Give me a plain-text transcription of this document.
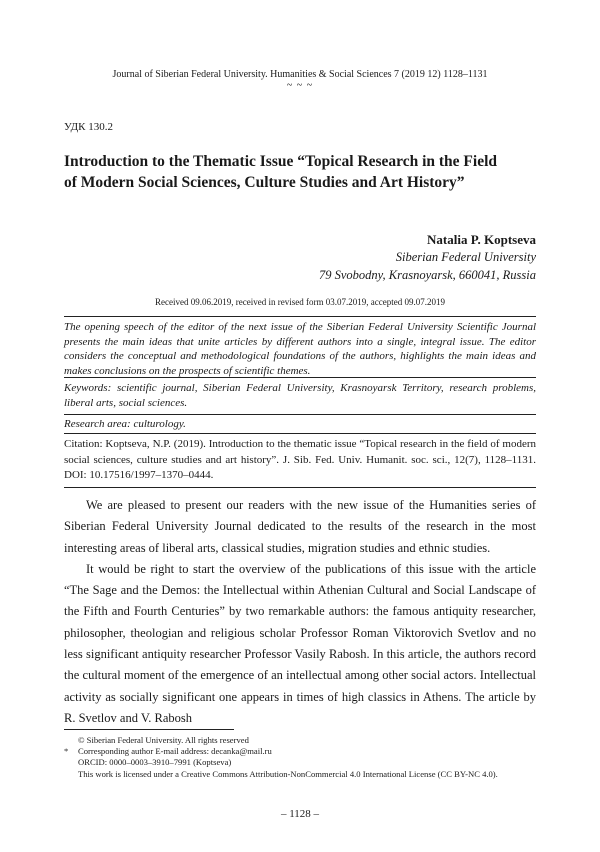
Journal of Siberian Federal University. Humanities & Social Sciences 7 (2019 12) 1128–1131
~ ~ ~
УДК 130.2
Introduction to the Thematic Issue “Topical Research in the Field of Modern Social Sciences, Culture Studies and Art History”
Natalia P. Koptseva
Siberian Federal University
79 Svobodny, Krasnoyarsk, 660041, Russia
Received 09.06.2019, received in revised form 03.07.2019, accepted 09.07.2019
The opening speech of the editor of the next issue of the Siberian Federal University Scientific Journal presents the main ideas that unite articles by different authors into a single, integral issue. The editor considers the conceptual and methodological foundations of the authors, highlights the main ideas and makes conclusions on the prospects of scientific themes.
Keywords: scientific journal, Siberian Federal University, Krasnoyarsk Territory, research problems, liberal arts, social sciences.
Research area: culturology.
Citation: Koptseva, N.P. (2019). Introduction to the thematic issue “Topical research in the field of modern social sciences, culture studies and art history”. J. Sib. Fed. Univ. Humanit. soc. sci., 12(7), 1128–1131. DOI: 10.17516/1997–1370–0444.

We are pleased to present our readers with the new issue of the Humanities series of Siberian Federal University Journal dedicated to the results of the research in the most interesting areas of liberal arts, classical studies, migration studies and ethnic studies.

It would be right to start the overview of the publications of this issue with the article “The Sage and the Demos: the Intellectual within Athenian Cultural and Social Landscape of the Fifth and Fourth Centuries” by two remarkable authors: the famous antiquity researcher, philosopher, theologian and religious scholar Professor Roman Viktorovich Svetlov and no less significant antiquity researcher Professor Vasily Rabosh. In this article, the authors record the cultural moment of the emergence of an intellectual among other social actors. Intellectual activity as socially significant one appears in times of high classics in Athens. The article by R. Svetlov and V. Rabosh

© Siberian Federal University. All rights reserved
* Corresponding author E-mail address: decanka@mail.ru
ORCID: 0000–0003–3910–7991 (Koptseva)
This work is licensed under a Creative Commons Attribution-NonCommercial 4.0 International License (CC BY-NC 4.0).
– 1128 –
